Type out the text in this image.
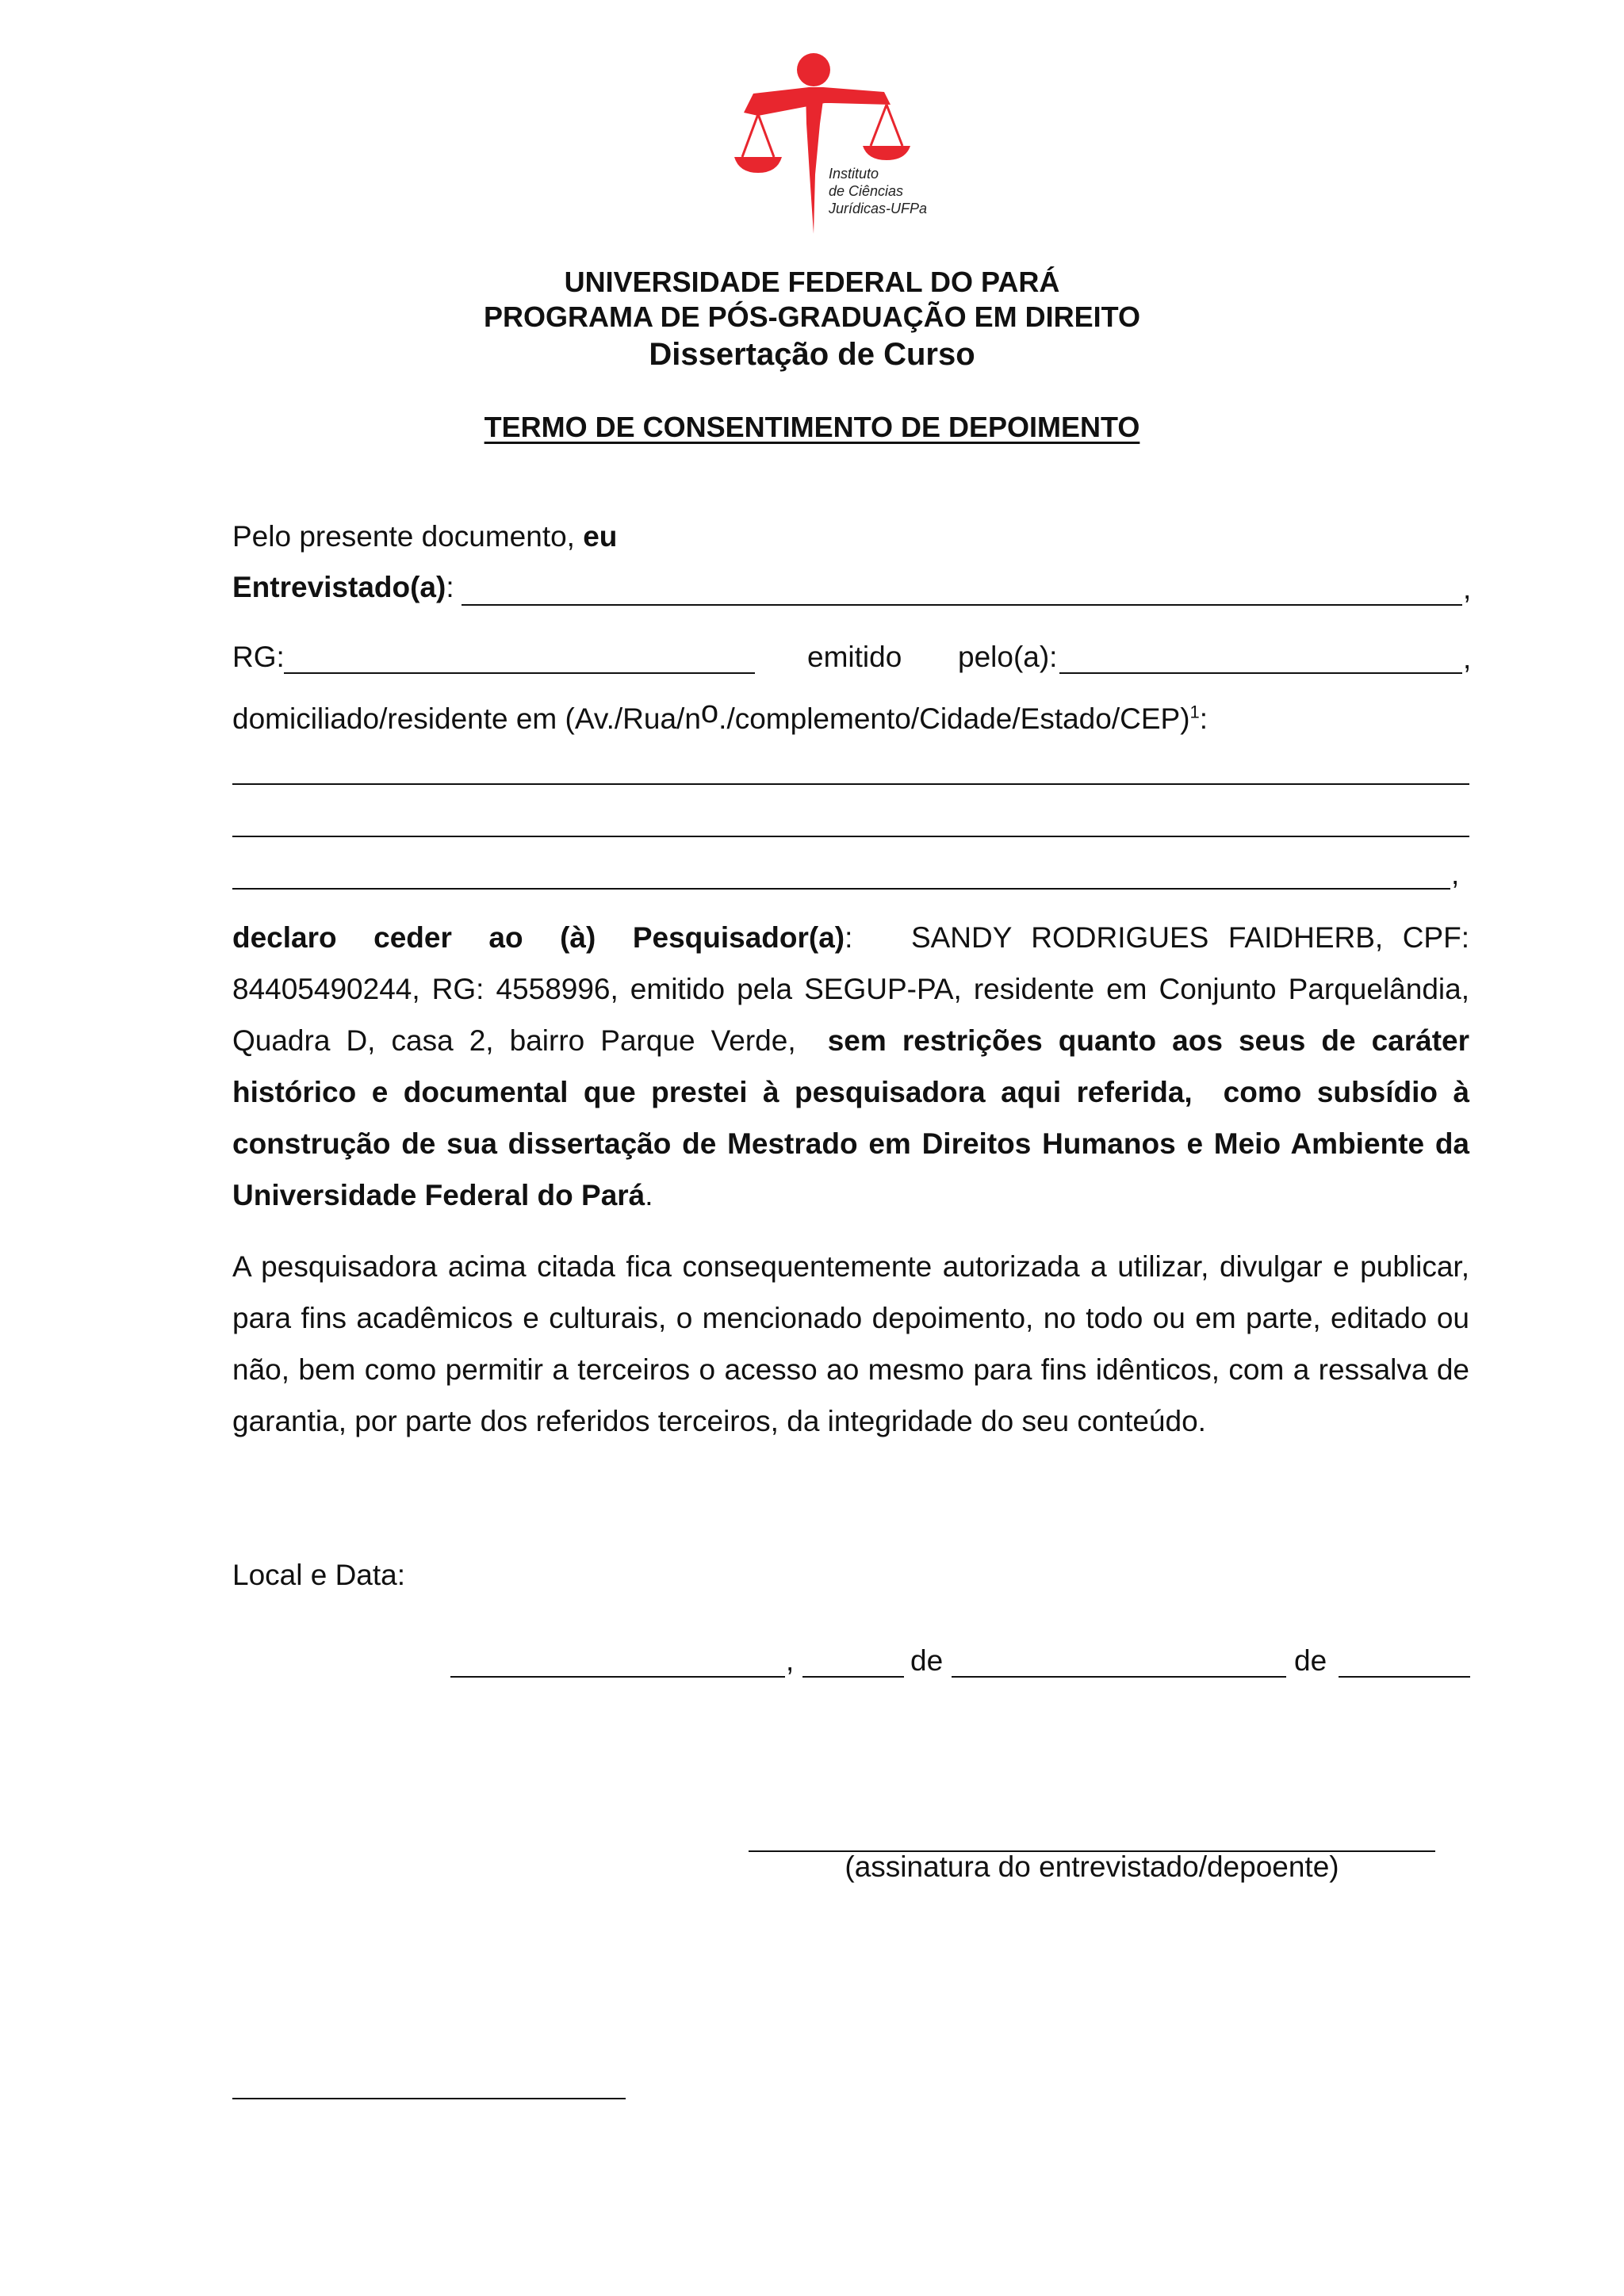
Instituto
de Ciências
Jurídicas-UFPa
UNIVERSIDADE FEDERAL DO PARÁ
PROGRAMA DE PÓS-GRADUAÇÃO EM DIREITO
Dissertação de Curso
TERMO DE CONSENTIMENTO DE DEPOIMENTO
Pelo presente documento, eu
Entrevistado(a):	,
RG:	emitido pelo(a):	,
domiciliado/residente em (Av./Rua/no./complemento/Cidade/Estado/CEP)$^1$:
,
declaro ceder ao (à) Pesquisador(a): SANDY RODRIGUES FAIDHERB, CPF: 84405490244, RG: 4558996, emitido pela SEGUP-PA, residente em Conjunto Parquelândia, Quadra D, casa 2, bairro Parque Verde, sem restrições quanto aos seus de caráter histórico e documental que prestei à pesquisadora aqui referida, como subsídio à construção de sua dissertação de Mestrado em Direitos Humanos e Meio Ambiente da Universidade Federal do Pará.
A pesquisadora acima citada fica consequentemente autorizada a utilizar, divulgar e publicar, para fins acadêmicos e culturais, o mencionado depoimento, no todo ou em parte, editado ou não, bem como permitir a terceiros o acesso ao mesmo para fins idênticos, com a ressalva de garantia, por parte dos referidos terceiros, da integridade do seu conteúdo.
Local e Data:
,	de	de
(assinatura do entrevistado/depoente)
